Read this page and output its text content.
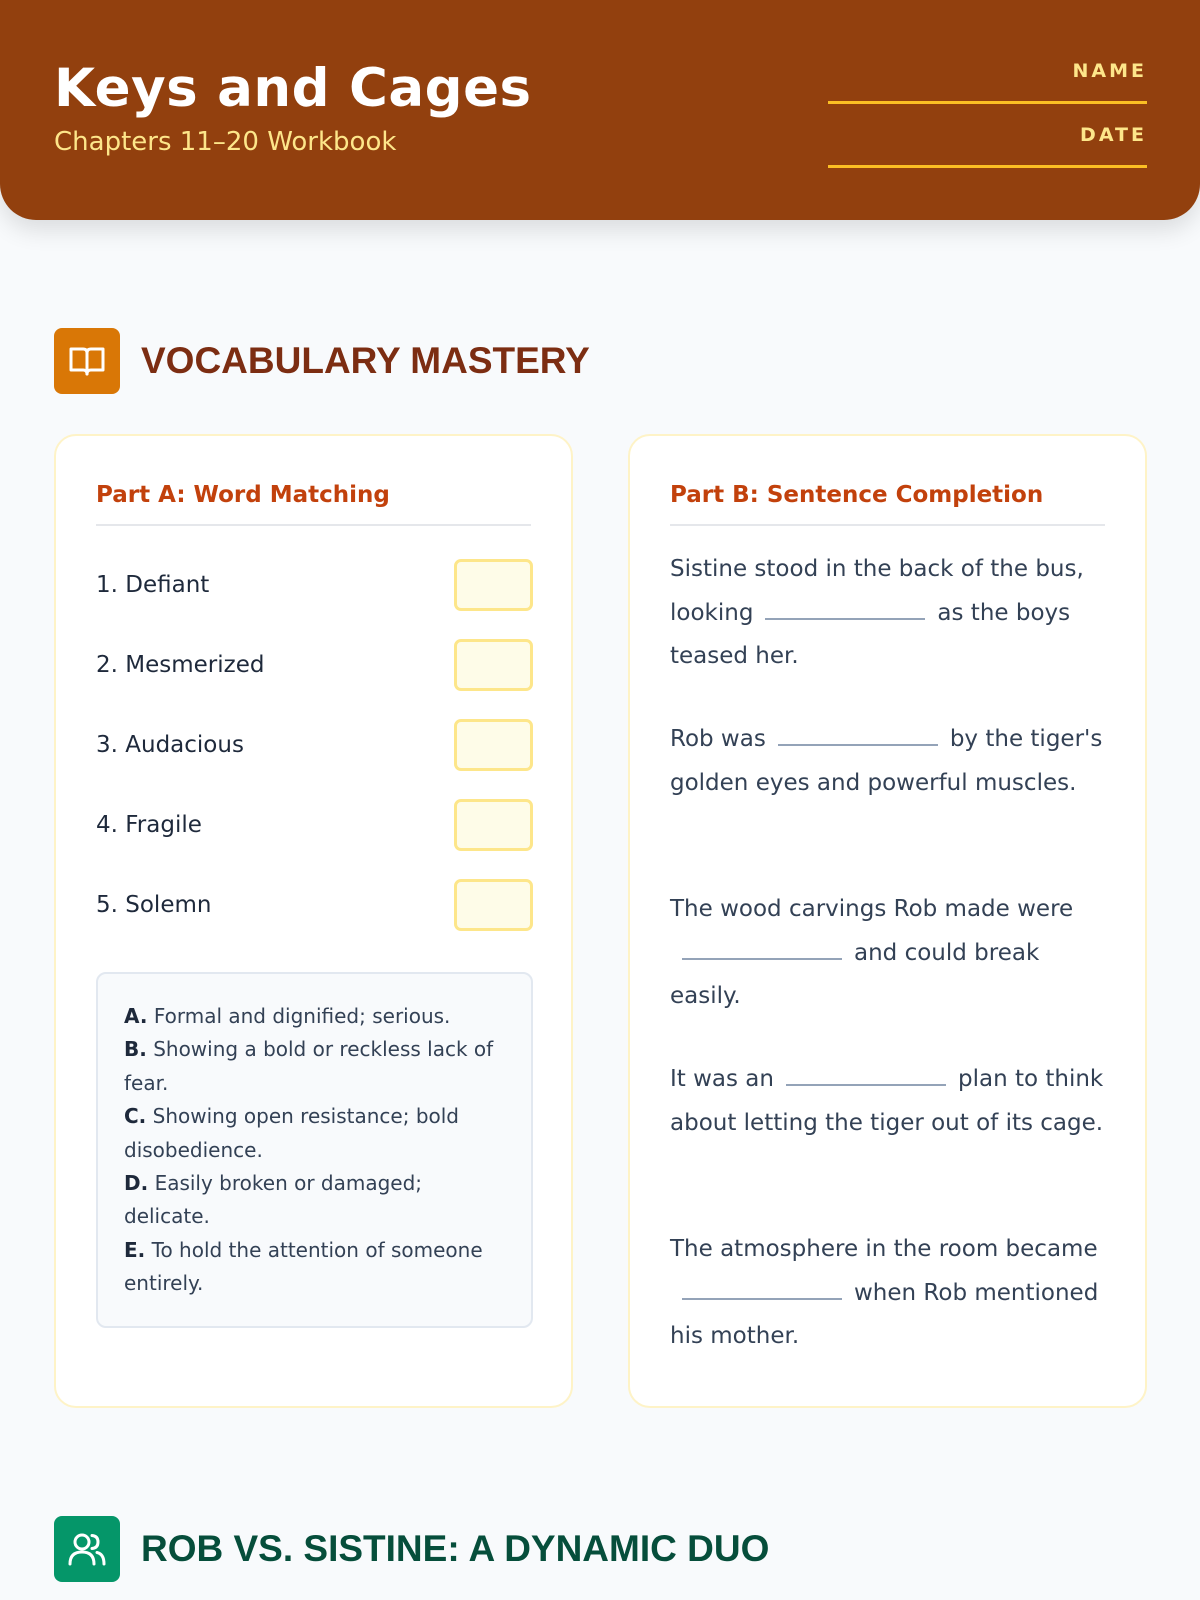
Keys and Cages
Chapters 11–20 Workbook
NAME
DATE
VOCABULARY MASTERY
Part A: Word Matching
1. Defiant
2. Mesmerized
3. Audacious
4. Fragile
5. Solemn
A. Formal and dignified; serious.
B. Showing a bold or reckless lack of fear.
C. Showing open resistance; bold disobedience.
D. Easily broken or damaged; delicate.
E. To hold the attention of someone entirely.
Part B: Sentence Completion
Sistine stood in the back of the bus, looking	as the boys teased her.
Rob was	by the tiger's golden eyes and powerful muscles.
The wood carvings Rob made wereand could break easily.
It was an	plan to think about letting the tiger out of its cage.
The atmosphere in the room becamewhen Rob mentioned his mother.
ROB VS. SISTINE: A DYNAMIC DUO
